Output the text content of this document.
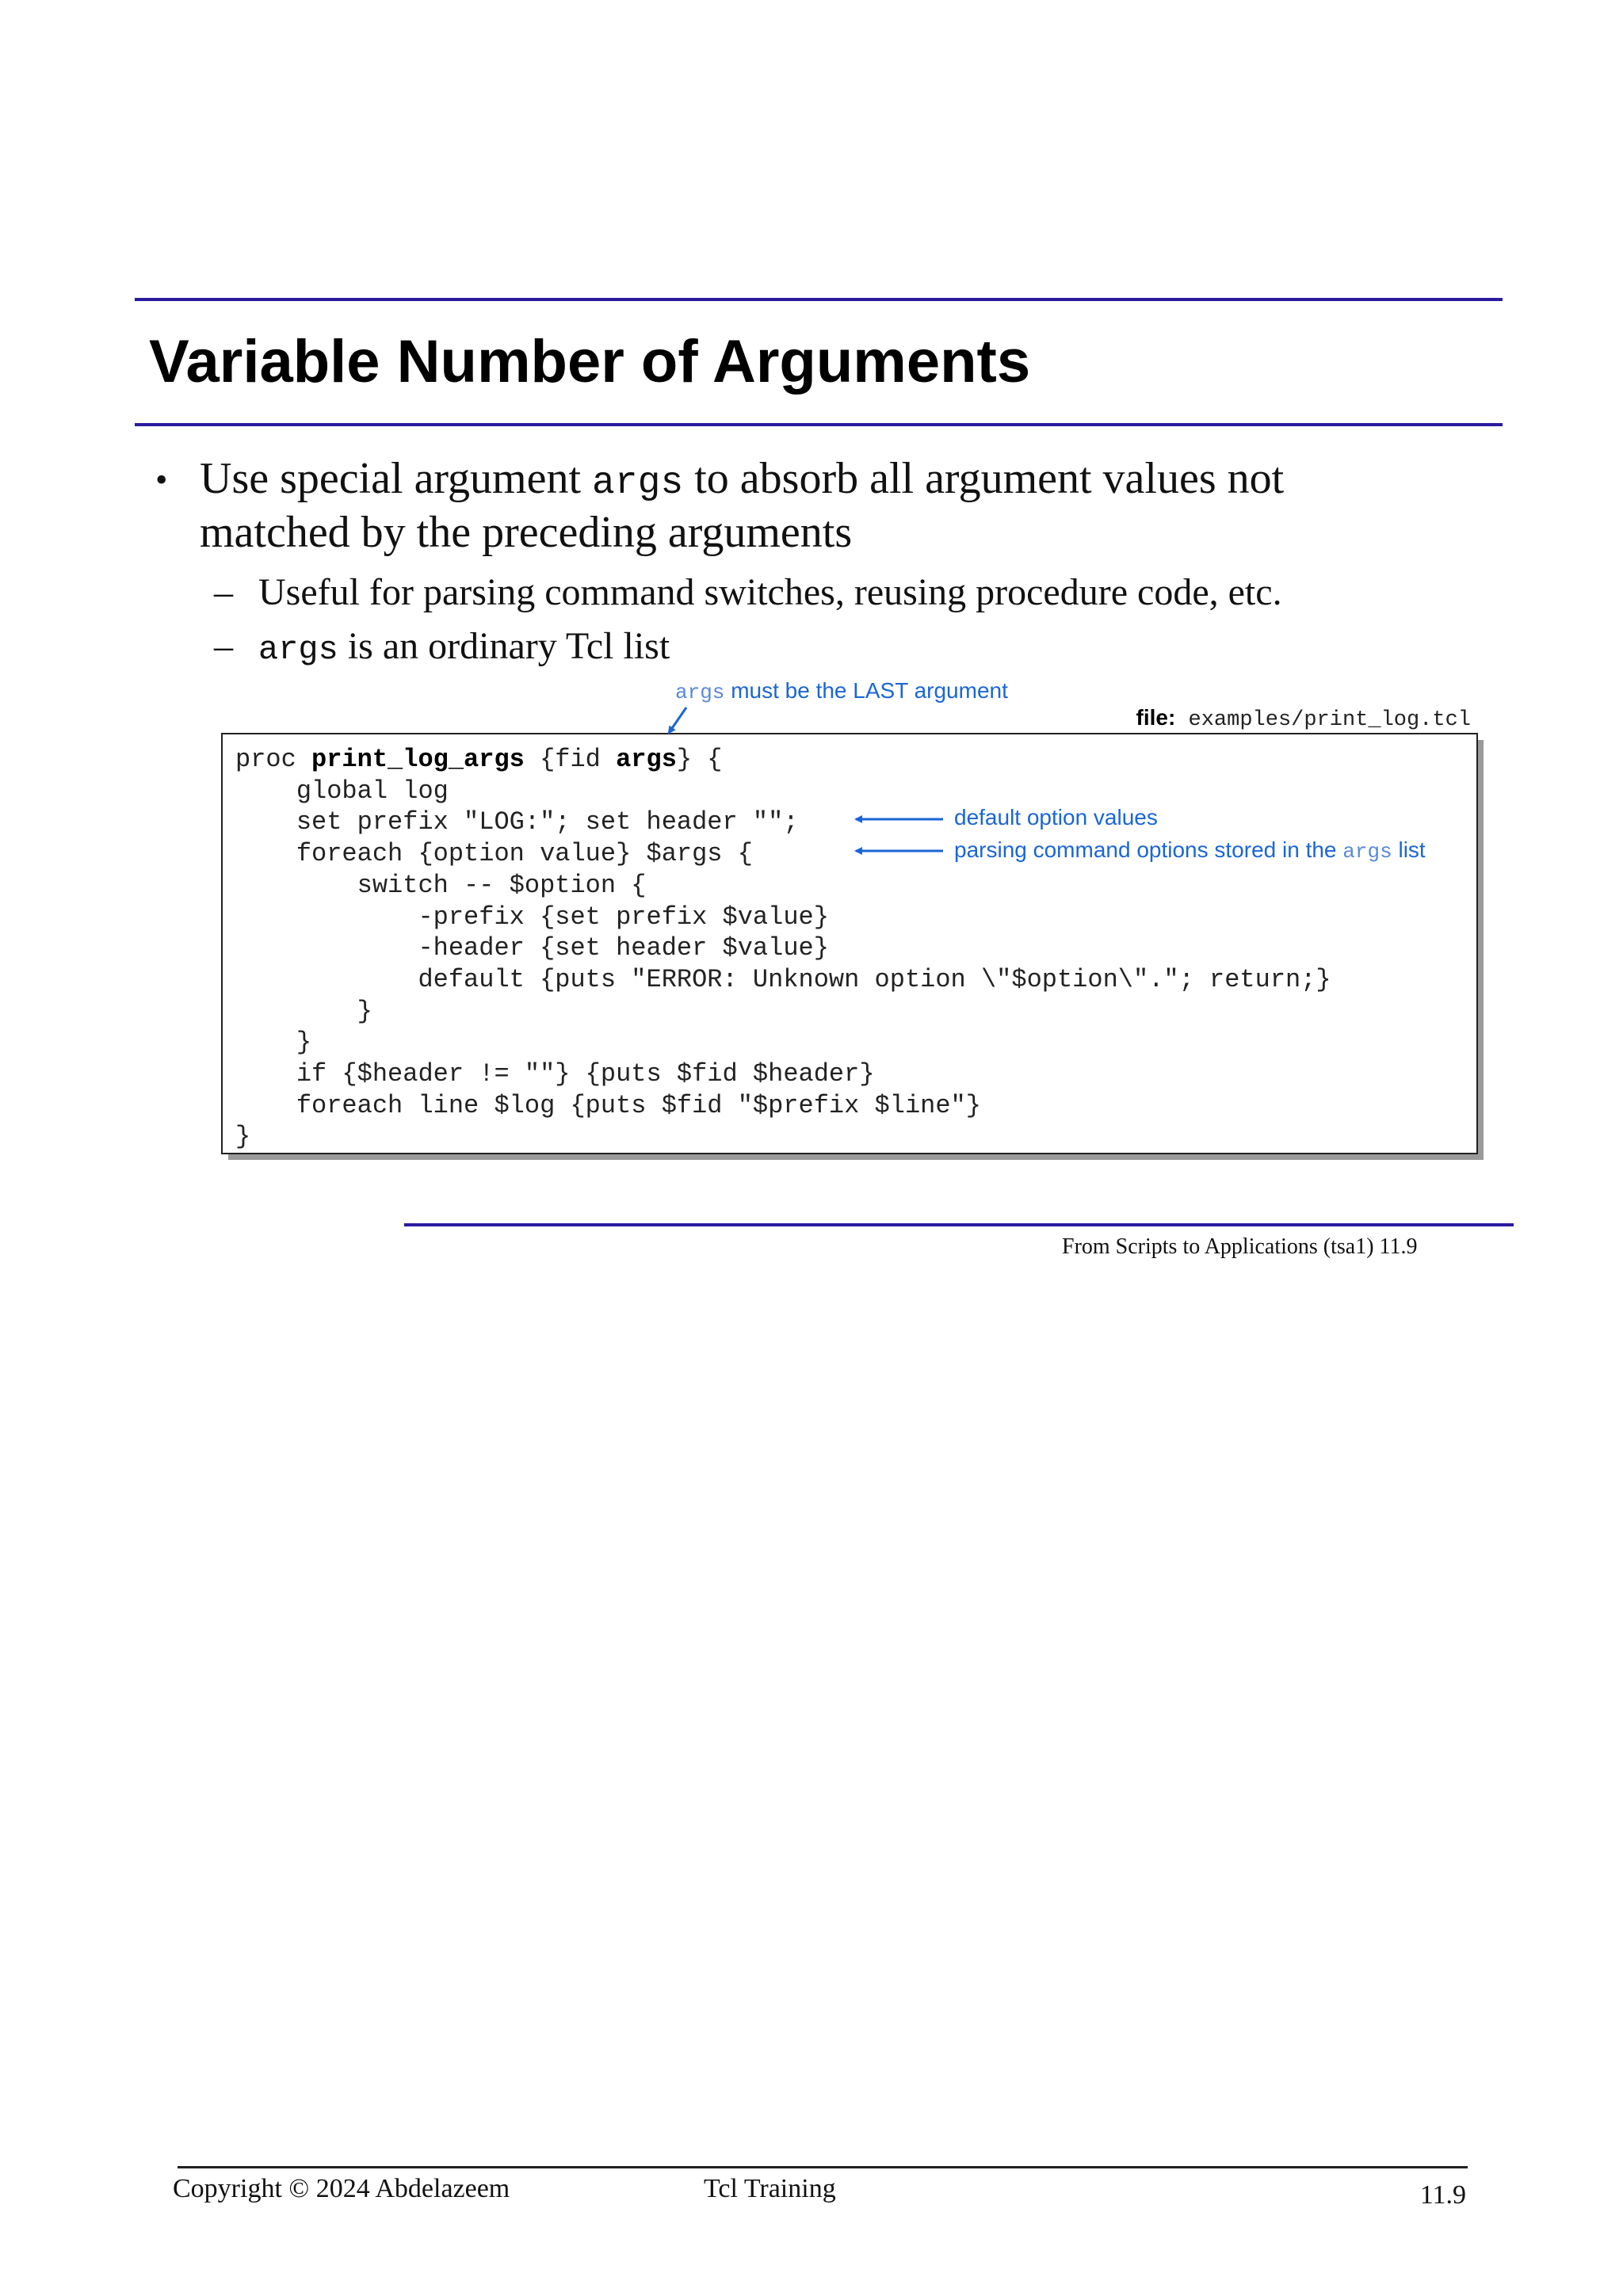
Variable Number of Arguments
• Use special argument args to absorb all argument values not
matched by the preceding arguments
– Useful for parsing command switches, reusing procedure code, etc.
– args is an ordinary Tcl list
args must be the LAST argument
file: examples/print_log.tcl
proc print_log_args {fid args} {
global log
set prefix "LOG:"; set header "";
foreach {option value} $args {
switch -- $option {
-prefix {set prefix $value}
-header {set header $value}
default {puts "ERROR: Unknown option \"$option\"."; return;}
}
}
if {$header != ""} {puts $fid $header}
foreach line $log {puts $fid "$prefix $line"}
}
default option values
parsing command options stored in the args list
From Scripts to Applications (tsa1) 11.9
Copyright © 2024 Abdelazeem	Tcl Training	11.9
